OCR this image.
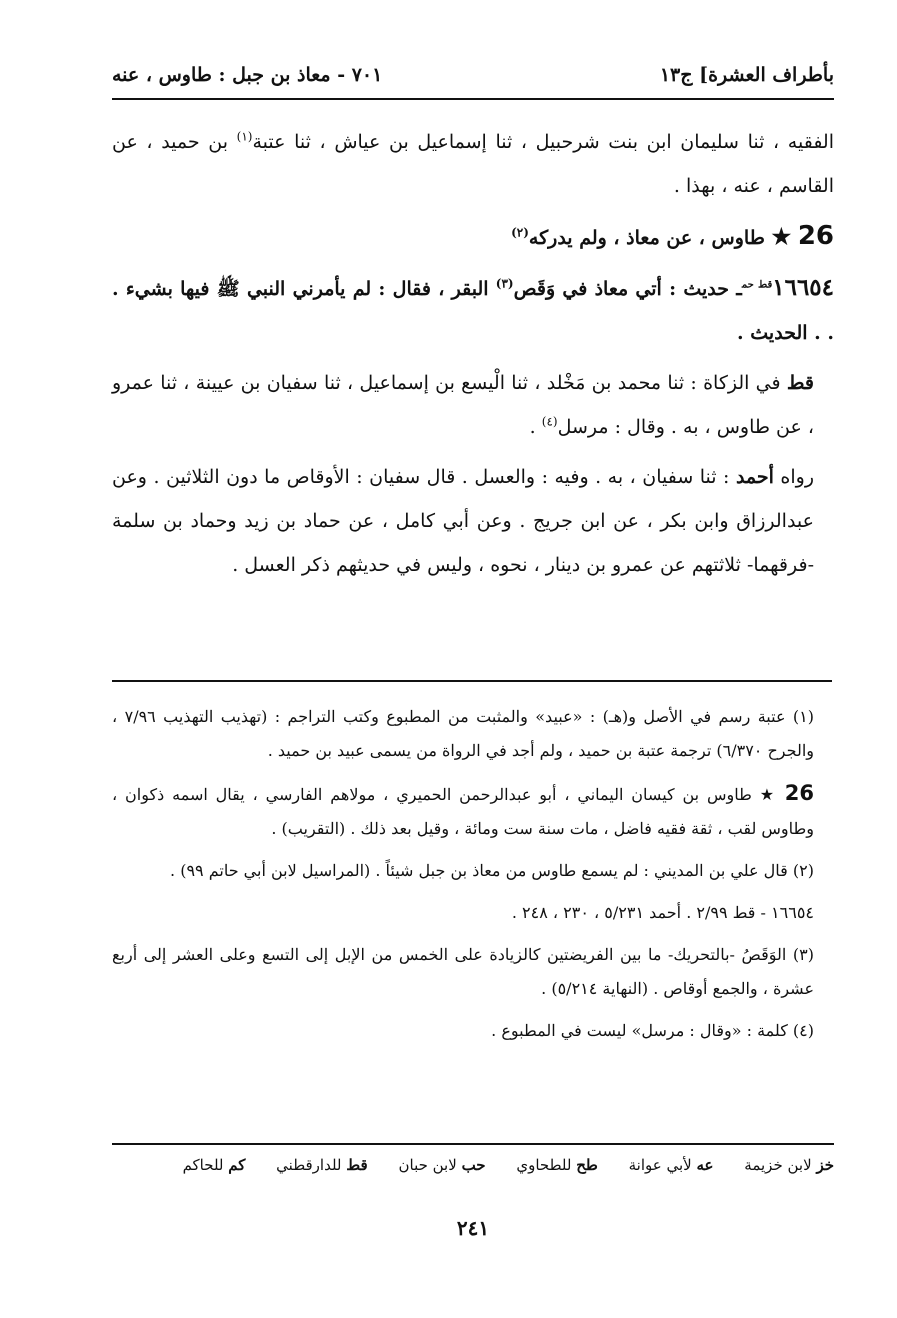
بأطراف العشرة] ج١٣
٧٠١ - معاذ بن جبل : طاوس ، عنه

الفقيه ، ثنا سليمان ابن بنت شرحبيل ، ثنا إسماعيل بن عياش ، ثنا عتبة$^{(١)}$ بن حميد ، عن القاسم ، عنه ، بهذا .

26 ★ طاوس ، عن معاذ ، ولم يدركه$^{(٢)}$

$١٦٦٥٤^{قط حم}ـ$ حديث : أتي معاذ في وَقَص$^{(٣)}$ البقر ، فقال : لم يأمرني النبي ﷺ فيها بشيء . . . الحديث .

قط في الزكاة : ثنا محمد بن مَخْلد ، ثنا الْيسع بن إسماعيل ، ثنا سفيان بن عيينة ، ثنا عمرو ، عن طاوس ، به . وقال : مرسل$^{(٤)}$ .

رواه أحمد : ثنا سفيان ، به . وفيه : والعسل . قال سفيان : الأوقاص ما دون الثلاثين . وعن عبدالرزاق وابن بكر ، عن ابن جريج . وعن أبي كامل ، عن حماد بن زيد وحماد بن سلمة -فرقهما- ثلاثتهم عن عمرو بن دينار ، نحوه ، وليس في حديثهم ذكر العسل .

(١) عتبة رسم في الأصل و(هـ) : «عبيد» والمثبت من المطبوع وكتب التراجم : (تهذيب التهذيب ٧/٩٦ ، والجرح ٦/٣٧٠) ترجمة عتبة بن حميد ، ولم أجد في الرواة من يسمى عبيد بن حميد .

26 ★ طاوس بن كيسان اليماني ، أبو عبدالرحمن الحميري ، مولاهم الفارسي ، يقال اسمه ذكوان ، وطاوس لقب ، ثقة فقيه فاضل ، مات سنة ست ومائة ، وقيل بعد ذلك . (التقريب) .

(٢) قال علي بن المديني : لم يسمع طاوس من معاذ بن جبل شيئاً . (المراسيل لابن أبي حاتم ٩٩) .

١٦٦٥٤ - قط ٢/٩٩ . أحمد ٥/٢٣١ ، ٢٣٠ ، ٢٤٨ .

(٣) الوَقَصُ -بالتحريك- ما بين الفريضتين كالزيادة على الخمس من الإبل إلى التسع وعلى العشر إلى أربع عشرة ، والجمع أوقاص . (النهاية ٥/٢١٤) .

(٤) كلمة : «وقال : مرسل» ليست في المطبوع .

خز لابن خزيمة عه لأبي عوانة طح للطحاوي حب لابن حبان قط للدارقطني كم للحاكم
٢٤١
